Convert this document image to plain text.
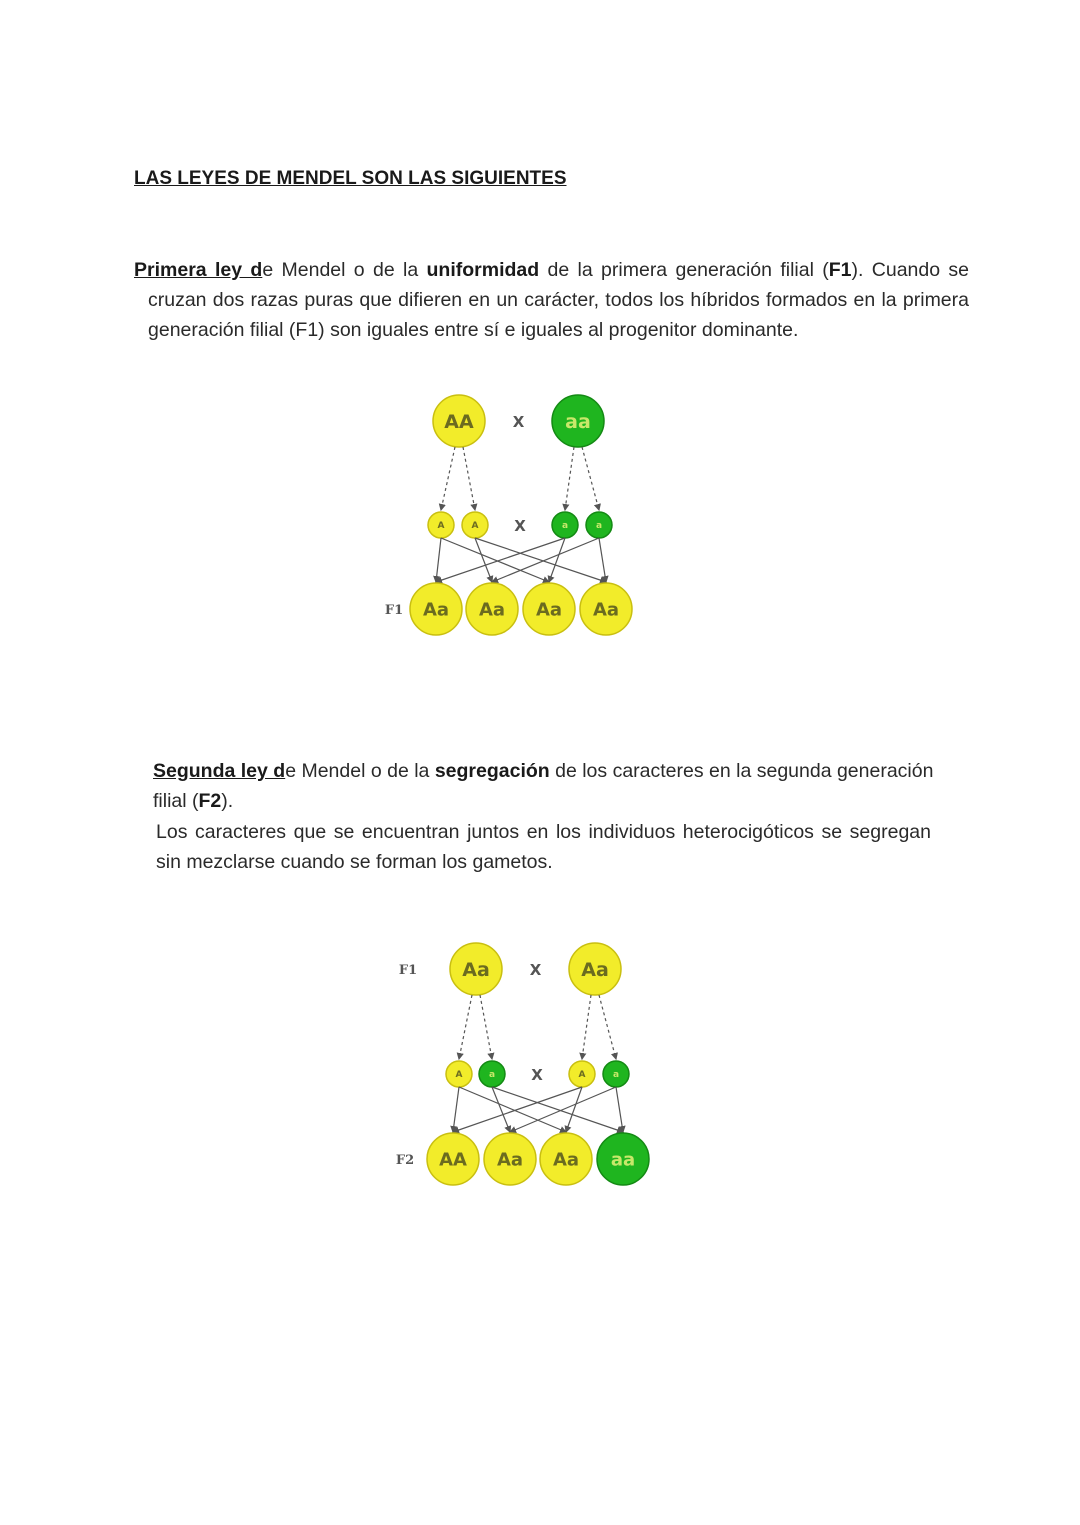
LAS LEYES DE MENDEL SON LAS SIGUIENTES
Primera ley de Mendel o de la uniformidad de la primera generación filial (F1). Cuando se
cruzan dos razas puras que difieren en un carácter, todos los híbridos formados en la primera
generación filial (F1) son iguales entre sí e iguales al progenitor dominante.
AA	aa
X
A	A	a	a
X
F1 Aa Aa Aa Aa
F1 Aa	Aa
X
A	a	A	a
X
F2 AA Aa Aa aa
Segunda ley de Mendel o de la segregación de los caracteres en la segunda generación
filial (F2).
Los caracteres que se encuentran juntos en los individuos heterocigóticos se segregan
sin mezclarse cuando se forman los gametos.
